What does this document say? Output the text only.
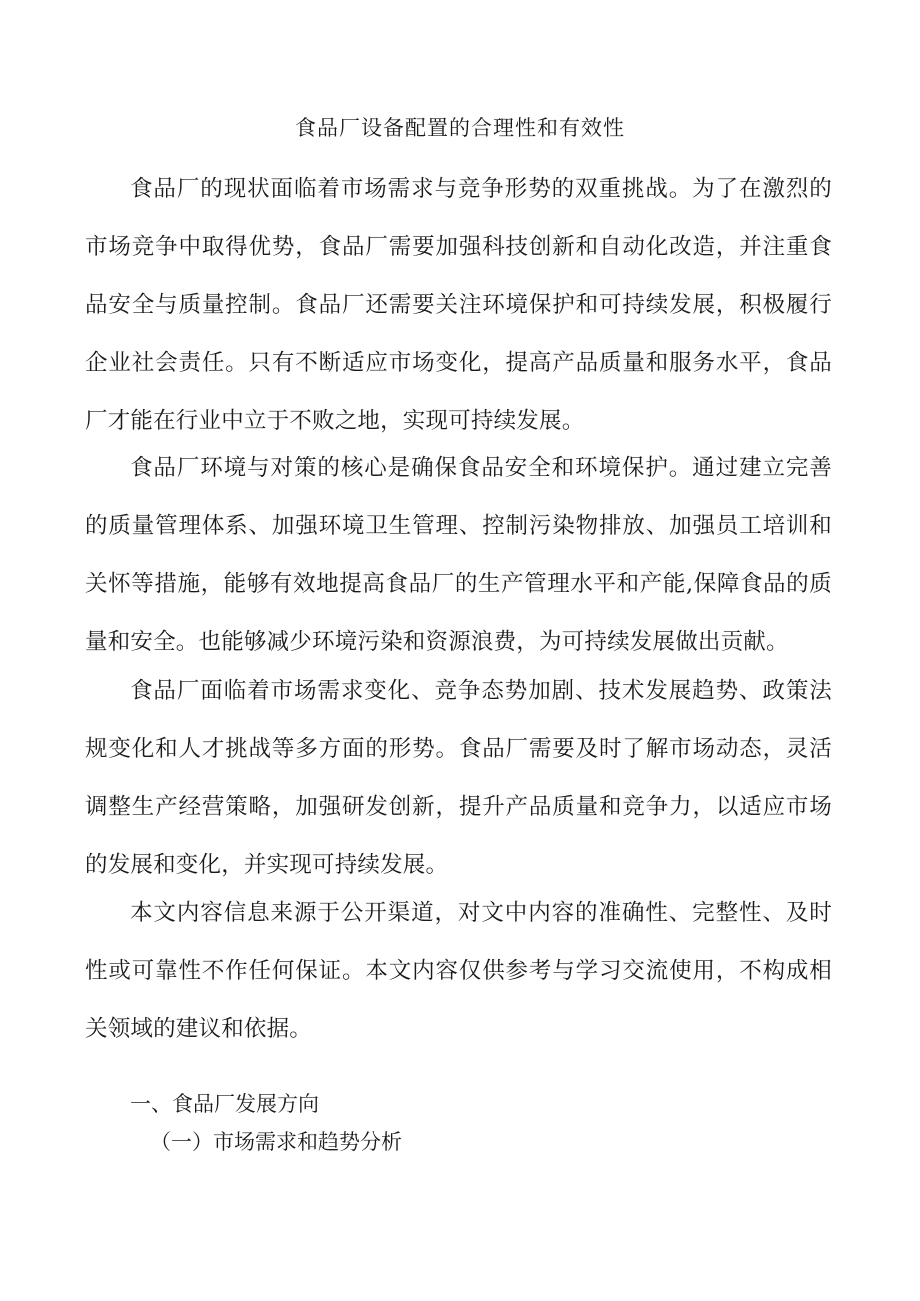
食品厂设备配置的合理性和有效性

食品厂的现状面临着市场需求与竞争形势的双重挑战。为了在激烈的市场竞争中取得优势，食品厂需要加强科技创新和自动化改造，并注重食品安全与质量控制。食品厂还需要关注环境保护和可持续发展，积极履行企业社会责任。只有不断适应市场变化，提高产品质量和服务水平，食品厂才能在行业中立于不败之地，实现可持续发展。

食品厂环境与对策的核心是确保食品安全和环境保护。通过建立完善的质量管理体系、加强环境卫生管理、控制污染物排放、加强员工培训和关怀等措施，能够有效地提高食品厂的生产管理水平和产能,保障食品的质量和安全。也能够减少环境污染和资源浪费，为可持续发展做出贡献。

食品厂面临着市场需求变化、竞争态势加剧、技术发展趋势、政策法规变化和人才挑战等多方面的形势。食品厂需要及时了解市场动态，灵活调整生产经营策略，加强研发创新，提升产品质量和竞争力，以适应市场的发展和变化，并实现可持续发展。

本文内容信息来源于公开渠道，对文中内容的准确性、完整性、及时性或可靠性不作任何保证。本文内容仅供参考与学习交流使用，不构成相关领域的建议和依据。

一、食品厂发展方向
（一）市场需求和趋势分析
